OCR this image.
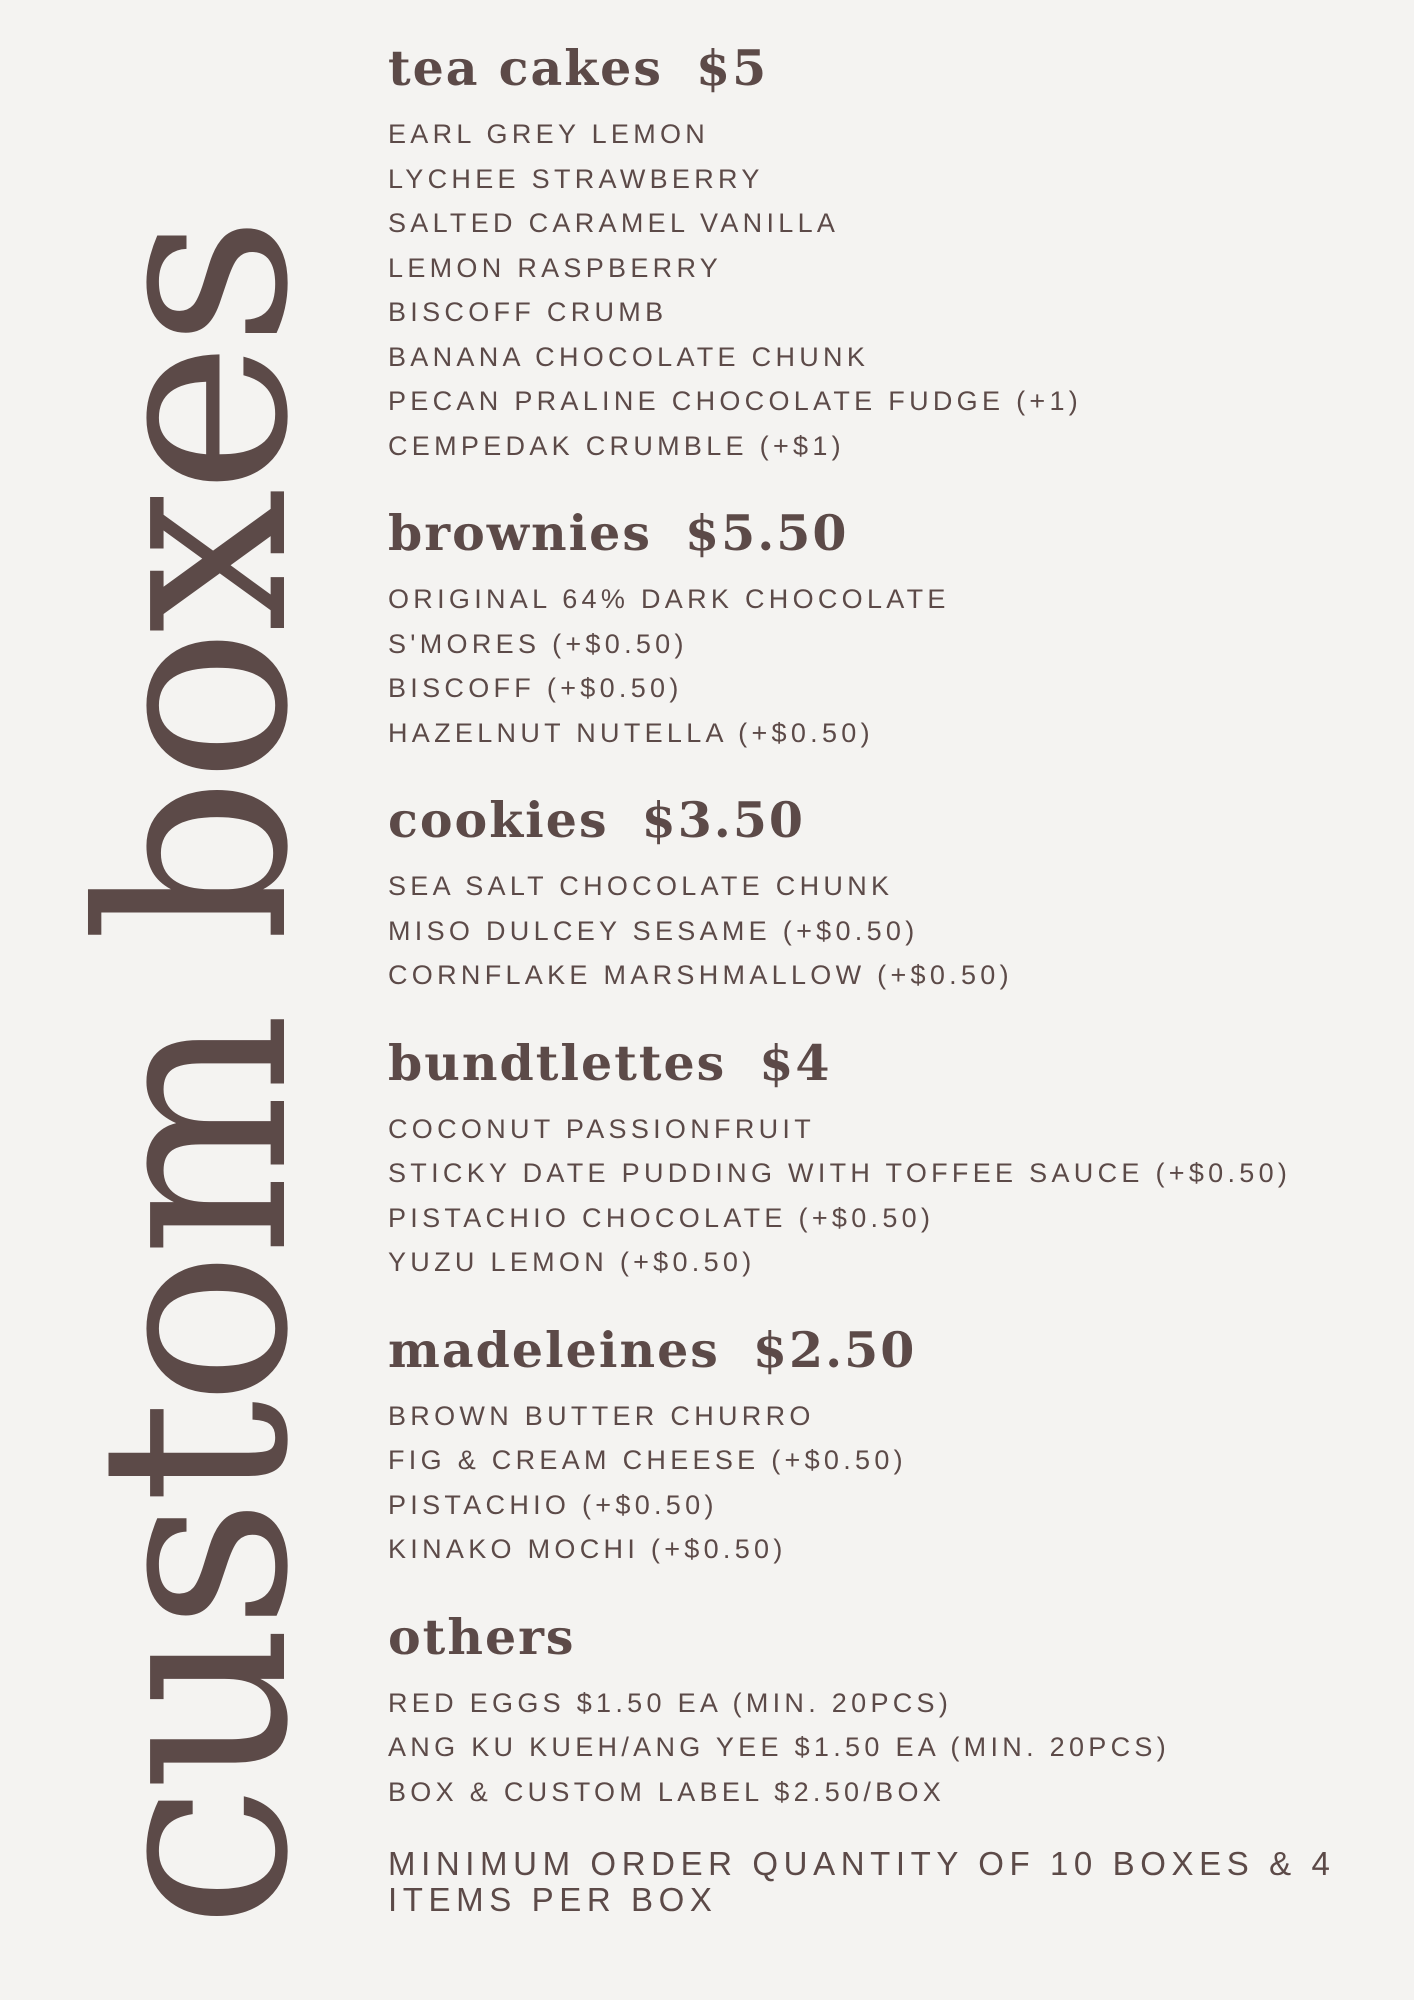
custom boxes
tea cakes $5
EARL GREY LEMON
LYCHEE STRAWBERRY
SALTED CARAMEL VANILLA
LEMON RASPBERRY
BISCOFF CRUMB
BANANA CHOCOLATE CHUNK
PECAN PRALINE CHOCOLATE FUDGE (+1)
CEMPEDAK CRUMBLE (+$1)
brownies $5.50
ORIGINAL 64% DARK CHOCOLATE
S'MORES (+$0.50)
BISCOFF (+$0.50)
HAZELNUT NUTELLA (+$0.50)
cookies $3.50
SEA SALT CHOCOLATE CHUNK
MISO DULCEY SESAME (+$0.50)
CORNFLAKE MARSHMALLOW (+$0.50)
bundtlettes $4
COCONUT PASSIONFRUIT
STICKY DATE PUDDING WITH TOFFEE SAUCE (+$0.50)
PISTACHIO CHOCOLATE (+$0.50)
YUZU LEMON (+$0.50)
madeleines $2.50
BROWN BUTTER CHURRO
FIG & CREAM CHEESE (+$0.50)
PISTACHIO (+$0.50)
KINAKO MOCHI (+$0.50)
others
RED EGGS $1.50 EA (MIN. 20PCS)
ANG KU KUEH/ANG YEE $1.50 EA (MIN. 20PCS)
BOX & CUSTOM LABEL $2.50/BOX
MINIMUM ORDER QUANTITY OF 10 BOXES & 4 ITEMS PER BOX
